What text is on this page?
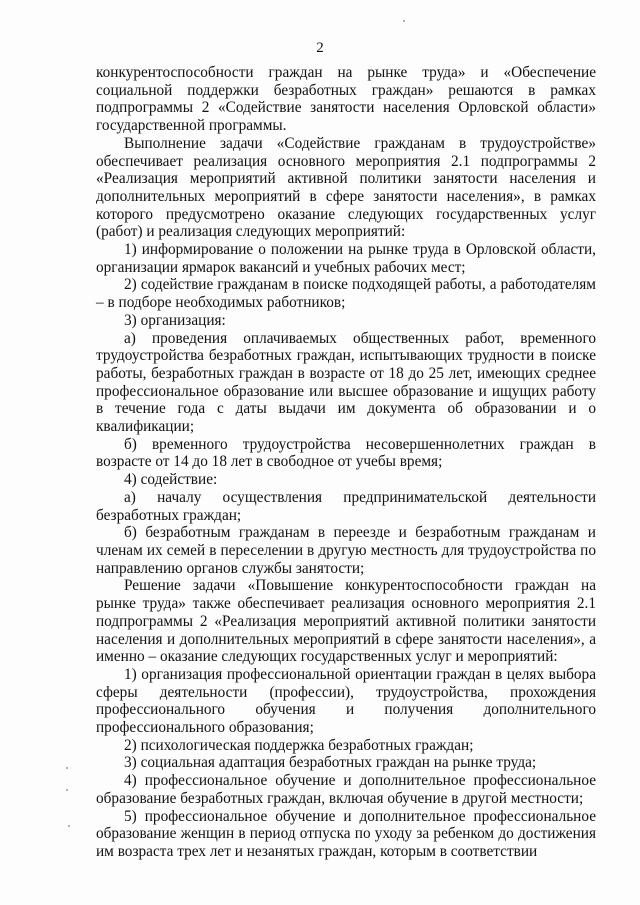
2

конкурентоспособности граждан на рынке труда» и «Обеспечение социальной поддержки безработных граждан» решаются в рамках подпрограммы 2 «Содействие занятости населения Орловской области» государственной программы.

Выполнение задачи «Содействие гражданам в трудоустройстве» обеспечивает реализация основного мероприятия 2.1 подпрограммы 2 «Реализация мероприятий активной политики занятости населения и дополнительных мероприятий в сфере занятости населения», в рамках которого предусмотрено оказание следующих государственных услуг (работ) и реализация следующих мероприятий:

1) информирование о положении на рынке труда в Орловской области, организации ярмарок вакансий и учебных рабочих мест;

2) содействие гражданам в поиске подходящей работы, а работодателям – в подборе необходимых работников;

3) организация:

а) проведения оплачиваемых общественных работ, временного трудоустройства безработных граждан, испытывающих трудности в поиске работы, безработных граждан в возрасте от 18 до 25 лет, имеющих среднее профессиональное образование или высшее образование и ищущих работу в течение года с даты выдачи им документа об образовании и о квалификации;

б) временного трудоустройства несовершеннолетних граждан в возрасте от 14 до 18 лет в свободное от учебы время;

4) содействие:

а) началу осуществления предпринимательской деятельности безработных граждан;

б) безработным гражданам в переезде и безработным гражданам и членам их семей в переселении в другую местность для трудоустройства по направлению органов службы занятости;

Решение задачи «Повышение конкурентоспособности граждан на рынке труда» также обеспечивает реализация основного мероприятия 2.1 подпрограммы 2 «Реализация мероприятий активной политики занятости населения и дополнительных мероприятий в сфере занятости населения», а именно – оказание следующих государственных услуг и мероприятий:

1) организация профессиональной ориентации граждан в целях выбора сферы деятельности (профессии), трудоустройства, прохождения профессионального обучения и получения дополнительного профессионального образования;

2) психологическая поддержка безработных граждан;

3) социальная адаптация безработных граждан на рынке труда;

4) профессиональное обучение и дополнительное профессиональное образование безработных граждан, включая обучение в другой местности;

5) профессиональное обучение и дополнительное профессиональное образование женщин в период отпуска по уходу за ребенком до достижения им возраста трех лет и незанятых граждан, которым в соответствии
